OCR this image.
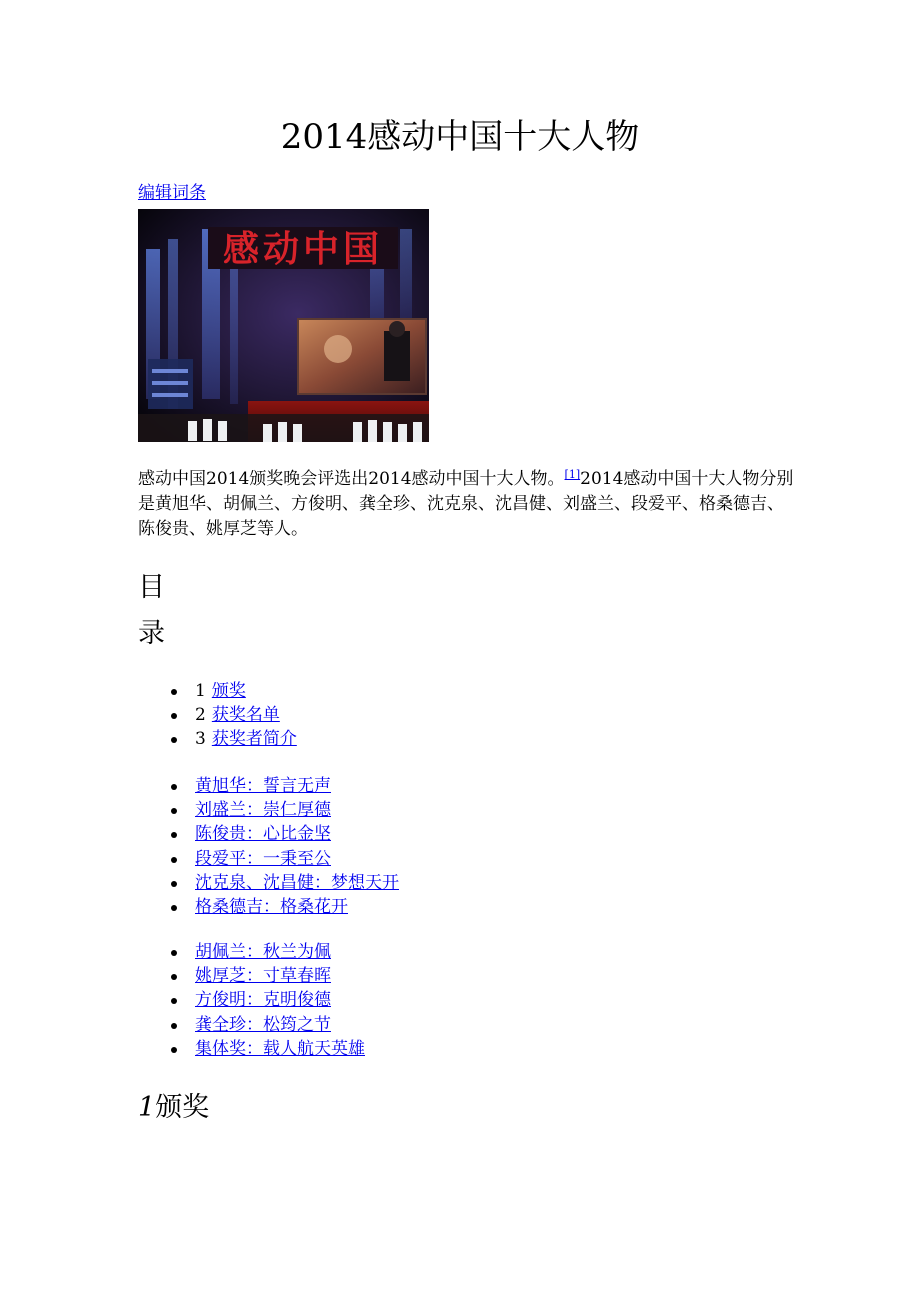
2014感动中国十大人物
编辑词条
感动中国

感动中国2014颁奖晚会评选出2014感动中国十大人物。[1]2014感动中国十大人物分别是黄旭华、胡佩兰、方俊明、龚全珍、沈克泉、沈昌健、刘盛兰、段爱平、格桑德吉、陈俊贵、姚厚芝等人。

目录
1 颁奖
2 获奖名单
3 获奖者简介
黄旭华：誓言无声
刘盛兰：崇仁厚德
陈俊贵：心比金坚
段爱平：一秉至公
沈克泉、沈昌健：梦想天开
格桑德吉：格桑花开
胡佩兰：秋兰为佩
姚厚芝：寸草春晖
方俊明：克明俊德
龚全珍：松筠之节
集体奖：载人航天英雄
1颁奖
